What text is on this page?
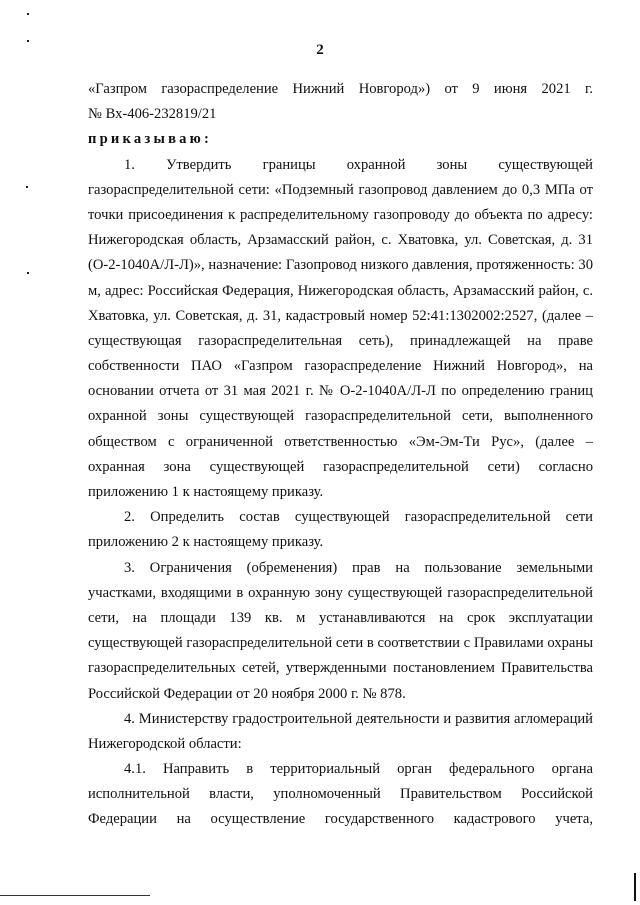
2
«Газпром газораспределение Нижний Новгород») от 9 июня 2021 г.
№ Вх-406-232819/21
приказываю:
1. Утвердить границы охранной зоны существующей
газораспределительной сети: «Подземный газопровод давлением до 0,3 МПа от
точки присоединения к распределительному газопроводу до объекта по адресу:
Нижегородская область, Арзамасский район, с. Хватовка, ул. Советская, д. 31
(О-2-1040А/Л-Л)», назначение: Газопровод низкого давления, протяженность: 30
м, адрес: Российская Федерация, Нижегородская область, Арзамасский район, с.
Хватовка, ул. Советская, д. 31, кадастровый номер 52:41:1302002:2527, (далее –
существующая газораспределительная сеть), принадлежащей на праве
собственности ПАО «Газпром газораспределение Нижний Новгород», на
основании отчета от 31 мая 2021 г. № О-2-1040А/Л-Л по определению границ
охранной зоны существующей газораспределительной сети, выполненного
обществом с ограниченной ответственностью «Эм-Эм-Ти Рус», (далее –
охранная зона существующей газораспределительной сети) согласно
приложению 1 к настоящему приказу.
2. Определить состав существующей газораспределительной сети
приложению 2 к настоящему приказу.
3. Ограничения (обременения) прав на пользование земельными
участками, входящими в охранную зону существующей газораспределительной
сети, на площади 139 кв. м устанавливаются на срок эксплуатации
существующей газораспределительной сети в соответствии с Правилами охраны
газораспределительных сетей, утвержденными постановлением Правительства
Российской Федерации от 20 ноября 2000 г. № 878.
4. Министерству градостроительной деятельности и развития агломераций
Нижегородской области:
4.1. Направить в территориальный орган федерального органа
исполнительной власти, уполномоченный Правительством Российской
Федерации на осуществление государственного кадастрового учета,
